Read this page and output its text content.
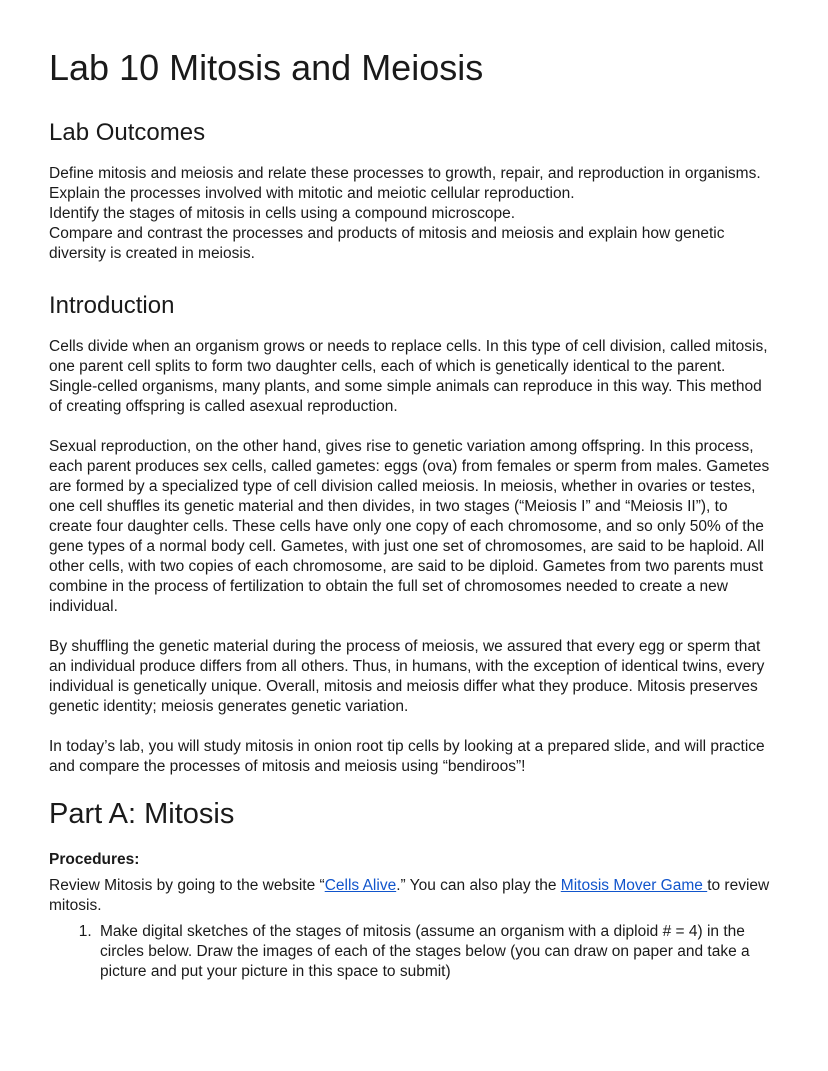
Lab 10 Mitosis and Meiosis
Lab Outcomes
Define mitosis and meiosis and relate these processes to growth, repair, and reproduction in organisms.
Explain the processes involved with mitotic and meiotic cellular reproduction.
Identify the stages of mitosis in cells using a compound microscope.
Compare and contrast the processes and products of mitosis and meiosis and explain how genetic diversity is created in meiosis.
Introduction

Cells divide when an organism grows or needs to replace cells. In this type of cell division, called mitosis, one parent cell splits to form two daughter cells, each of which is genetically identical to the parent. Single-celled organisms, many plants, and some simple animals can reproduce in this way. This method of creating offspring is called asexual reproduction.

Sexual reproduction, on the other hand, gives rise to genetic variation among offspring. In this process, each parent produces sex cells, called gametes: eggs (ova) from females or sperm from males. Gametes are formed by a specialized type of cell division called meiosis. In meiosis, whether in ovaries or testes, one cell shuffles its genetic material and then divides, in two stages (“Meiosis I” and “Meiosis II”), to create four daughter cells. These cells have only one copy of each chromosome, and so only 50% of the gene types of a normal body cell. Gametes, with just one set of chromosomes, are said to be haploid. All other cells, with two copies of each chromosome, are said to be diploid. Gametes from two parents must combine in the process of fertilization to obtain the full set of chromosomes needed to create a new individual.

By shuffling the genetic material during the process of meiosis, we assured that every egg or sperm that an individual produce differs from all others. Thus, in humans, with the exception of identical twins, every individual is genetically unique. Overall, mitosis and meiosis differ what they produce. Mitosis preserves genetic identity; meiosis generates genetic variation.

In today’s lab, you will study mitosis in onion root tip cells by looking at a prepared slide, and will practice and compare the processes of mitosis and meiosis using “bendiroos”!

Part A: Mitosis

Procedures:

Review Mitosis by going to the website “Cells Alive.” You can also play the Mitosis Mover Game to review mitosis.

1. Make digital sketches of the stages of mitosis (assume an organism with a diploid # = 4) in the circles below. Draw the images of each of the stages below (you can draw on paper and take a picture and put your picture in this space to submit)
